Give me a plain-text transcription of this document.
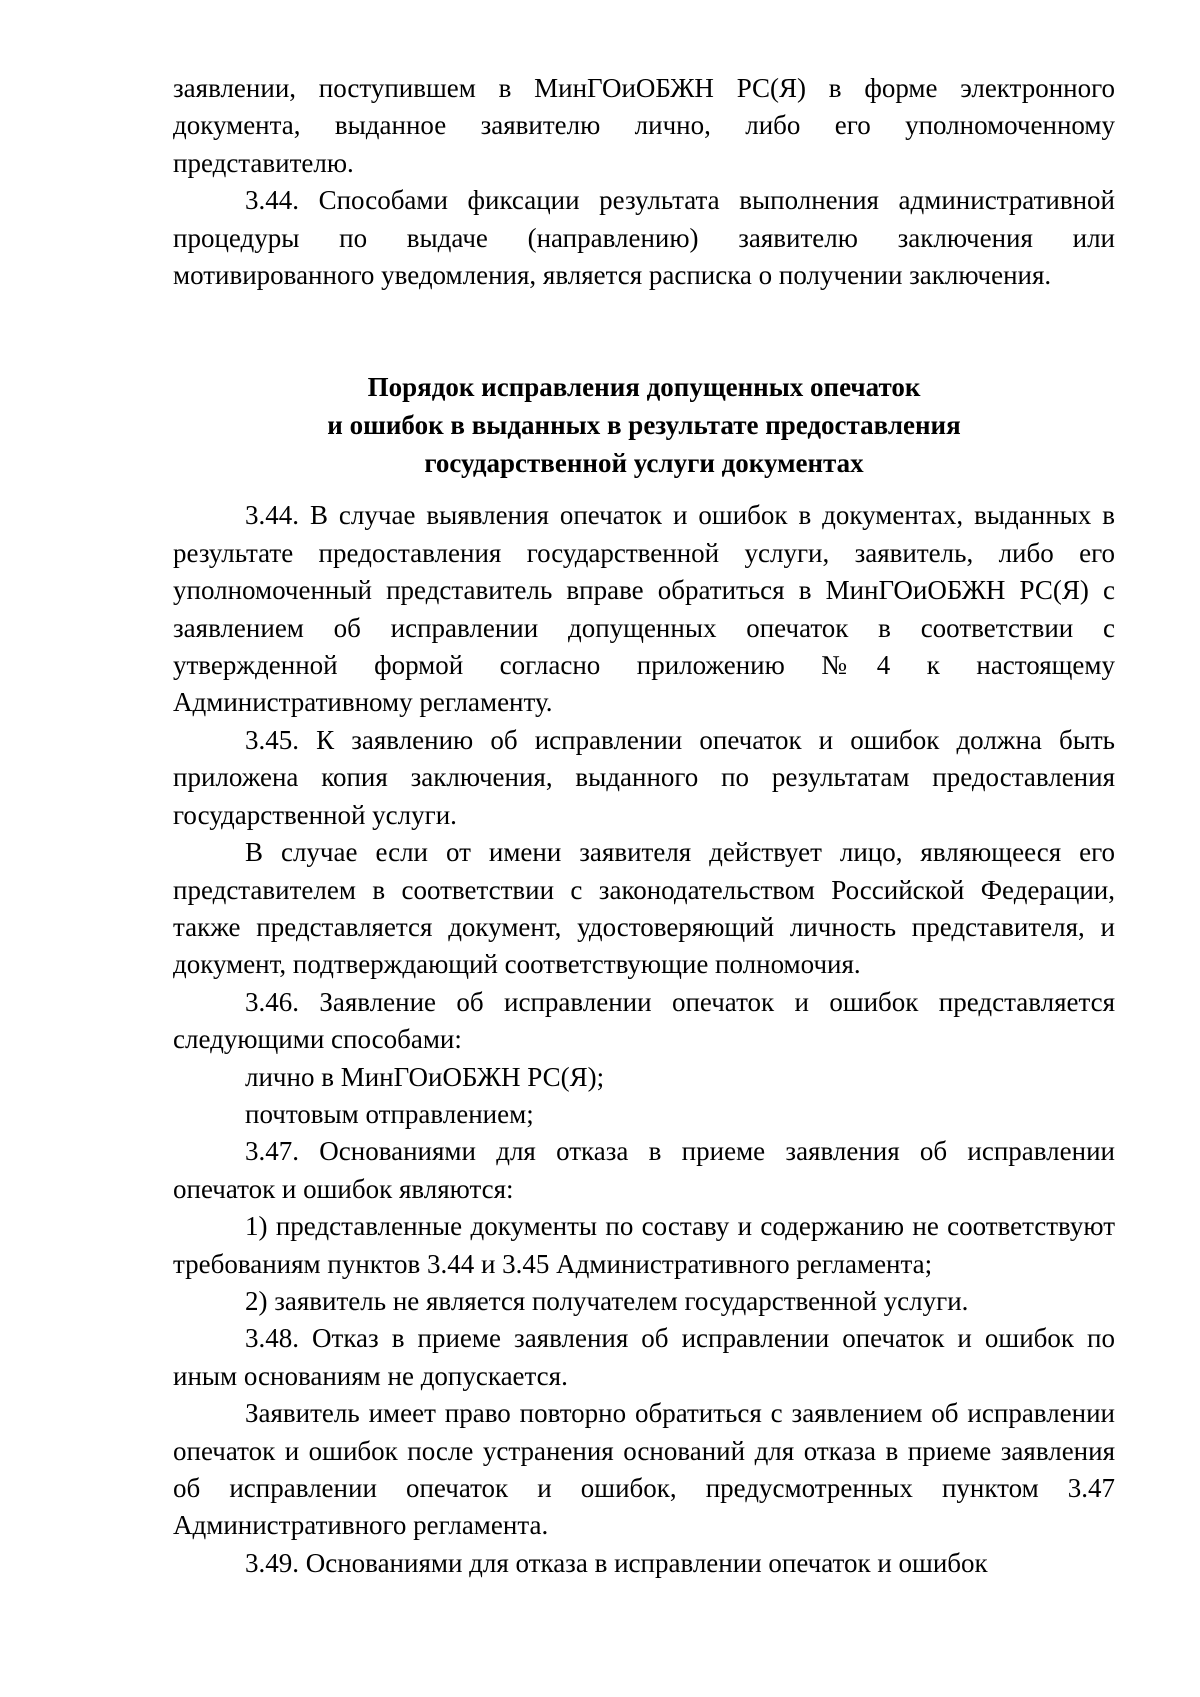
заявлении, поступившем в МинГОиОБЖН РС(Я) в форме электронного документа, выданное заявителю лично, либо его уполномоченному представителю.

3.44. Способами фиксации результата выполнения административной процедуры по выдаче (направлению) заявителю заключения или мотивированного уведомления, является расписка о получении заключения.

Порядок исправления допущенных опечаток
и ошибок в выданных в результате предоставления
государственной услуги документах

3.44. В случае выявления опечаток и ошибок в документах, выданных в результате предоставления государственной услуги, заявитель, либо его уполномоченный представитель вправе обратиться в МинГОиОБЖН РС(Я) с заявлением об исправлении допущенных опечаток в соответствии с утвержденной формой согласно приложению №4 к настоящему Административному регламенту.

3.45. К заявлению об исправлении опечаток и ошибок должна быть приложена копия заключения, выданного по результатам предоставления государственной услуги.

В случае если от имени заявителя действует лицо, являющееся его представителем в соответствии с законодательством Российской Федерации, также представляется документ, удостоверяющий личность представителя, и документ, подтверждающий соответствующие полномочия.

3.46. Заявление об исправлении опечаток и ошибок представляется следующими способами:

лично в МинГОиОБЖН РС(Я);

почтовым отправлением;

3.47. Основаниями для отказа в приеме заявления об исправлении опечаток и ошибок являются:

1) представленные документы по составу и содержанию не соответствуют требованиям пунктов 3.44 и 3.45 Административного регламента;

2) заявитель не является получателем государственной услуги.

3.48. Отказ в приеме заявления об исправлении опечаток и ошибок по иным основаниям не допускается.

Заявитель имеет право повторно обратиться с заявлением об исправлении опечаток и ошибок после устранения оснований для отказа в приеме заявления об исправлении опечаток и ошибок, предусмотренных пунктом 3.47 Административного регламента.

3.49. Основаниями для отказа в исправлении опечаток и ошибок
